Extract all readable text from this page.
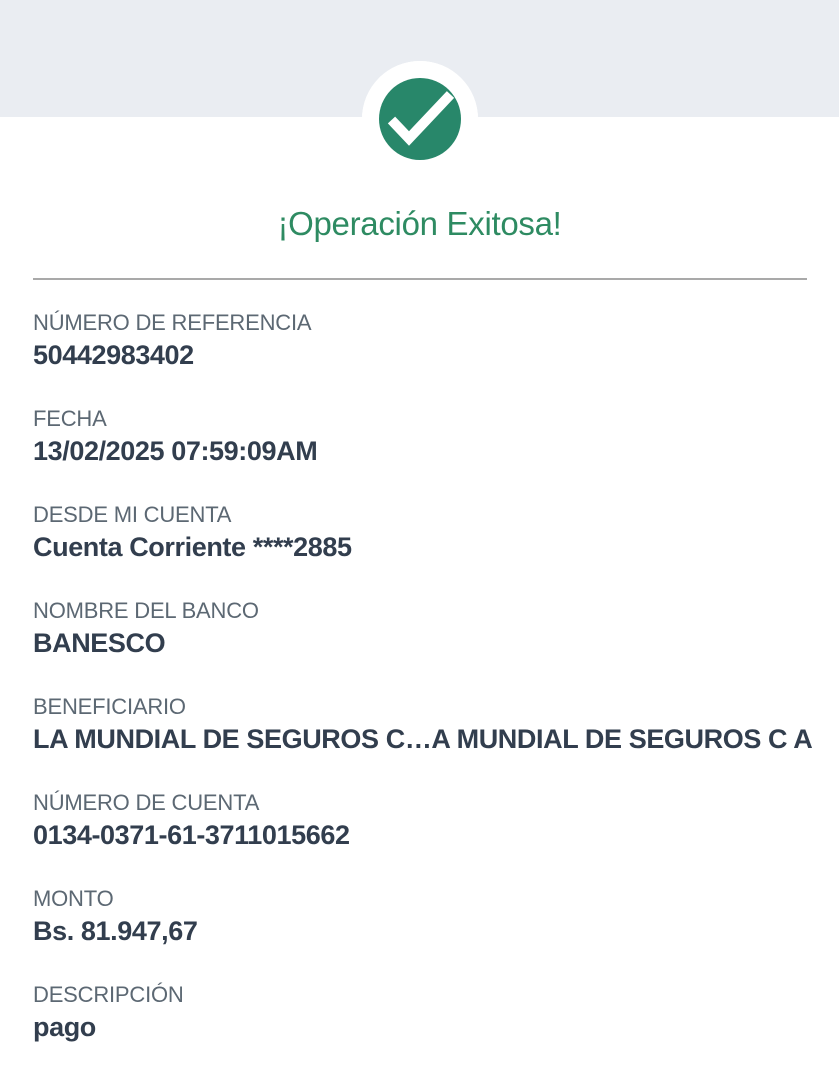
¡Operación Exitosa!
NÚMERO DE REFERENCIA
50442983402
FECHA
13/02/2025 07:59:09AM
DESDE MI CUENTA
Cuenta Corriente ****2885
NOMBRE DEL BANCO
BANESCO
BENEFICIARIO
LA MUNDIAL DE SEGUROS C…A MUNDIAL DE SEGUROS C A
NÚMERO DE CUENTA
0134-0371-61-3711015662
MONTO
Bs. 81.947,67
DESCRIPCIÓN
pago
